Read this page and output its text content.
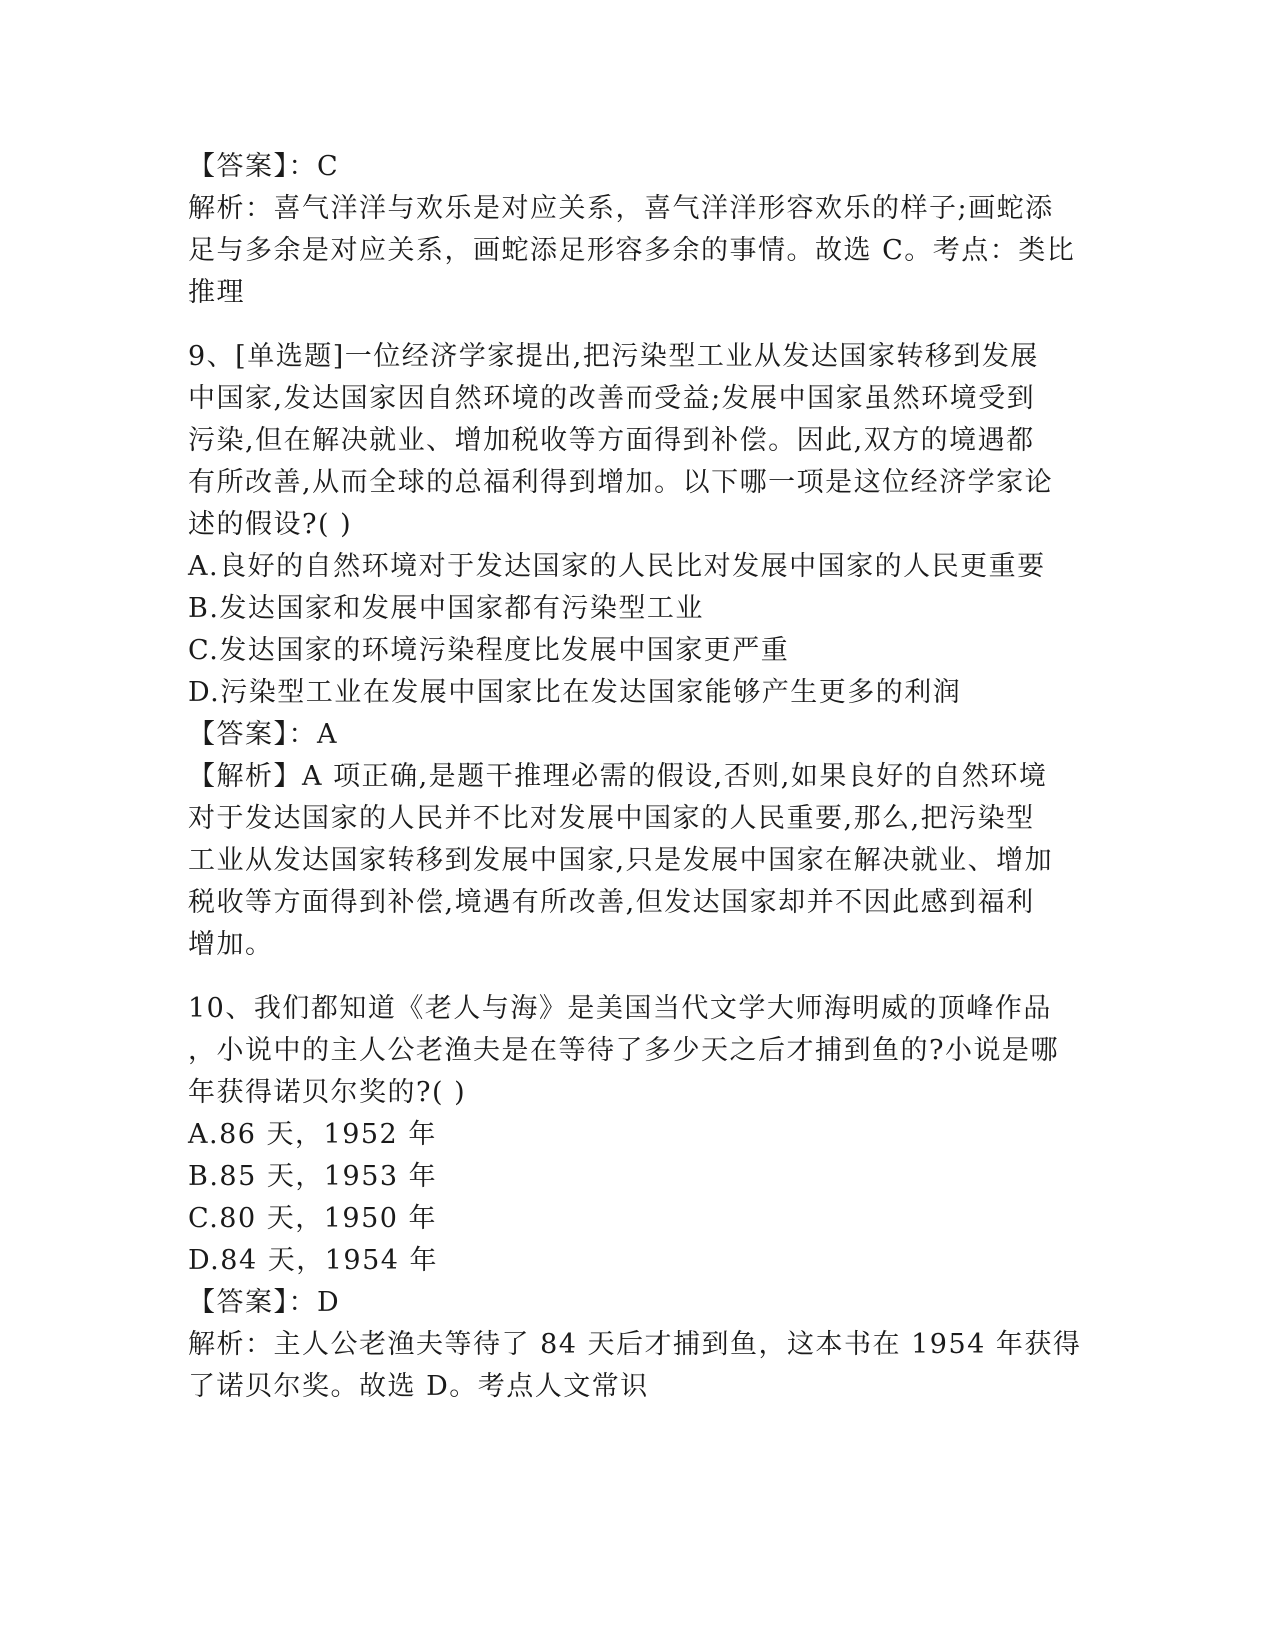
【答案】：C

解析：喜气洋洋与欢乐是对应关系，喜气洋洋形容欢乐的样子;画蛇添

足与多余是对应关系，画蛇添足形容多余的事情。故选 C。考点：类比

推理

9、[单选题]一位经济学家提出,把污染型工业从发达国家转移到发展

中国家,发达国家因自然环境的改善而受益;发展中国家虽然环境受到

污染,但在解决就业、增加税收等方面得到补偿。因此,双方的境遇都

有所改善,从而全球的总福利得到增加。以下哪一项是这位经济学家论

述的假设?( )

A.良好的自然环境对于发达国家的人民比对发展中国家的人民更重要

B.发达国家和发展中国家都有污染型工业

C.发达国家的环境污染程度比发展中国家更严重

D.污染型工业在发展中国家比在发达国家能够产生更多的利润

【答案】：A

【解析】A 项正确,是题干推理必需的假设,否则,如果良好的自然环境

对于发达国家的人民并不比对发展中国家的人民重要,那么,把污染型

工业从发达国家转移到发展中国家,只是发展中国家在解决就业、增加

税收等方面得到补偿,境遇有所改善,但发达国家却并不因此感到福利

增加。

10、我们都知道《老人与海》是美国当代文学大师海明威的顶峰作品

，小说中的主人公老渔夫是在等待了多少天之后才捕到鱼的?小说是哪

年获得诺贝尔奖的?( )

A.86 天，1952 年

B.85 天，1953 年

C.80 天，1950 年

D.84 天，1954 年

【答案】：D

解析：主人公老渔夫等待了 84 天后才捕到鱼，这本书在 1954 年获得

了诺贝尔奖。故选 D。考点人文常识
